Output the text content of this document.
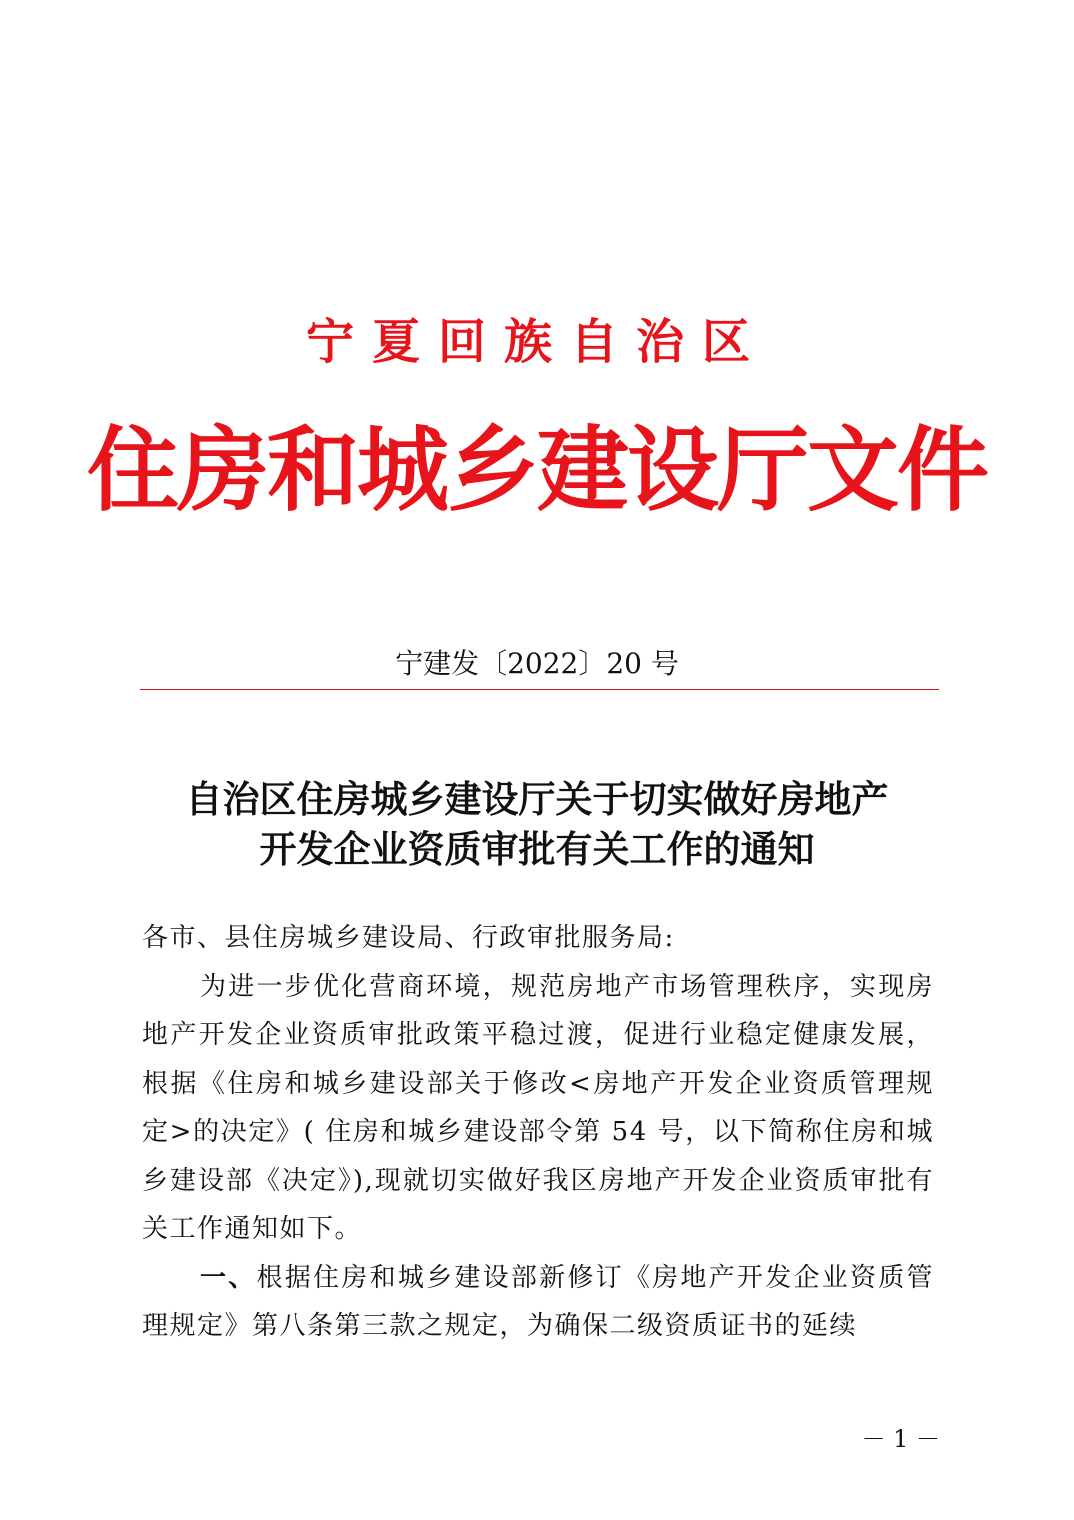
宁夏回族自治区
住房和城乡建设厅文件
宁建发〔2022〕20 号
自治区住房城乡建设厅关于切实做好房地产
开发企业资质审批有关工作的通知

各市、县住房城乡建设局、行政审批服务局:

为进一步优化营商环境，规范房地产市场管理秩序，实现房地产开发企业资质审批政策平稳过渡，促进行业稳定健康发展，根据《住房和城乡建设部关于修改<房地产开发企业资质管理规定>的决定》( 住房和城乡建设部令第 54 号，以下简称住房和城乡建设部《决定》),现就切实做好我区房地产开发企业资质审批有关工作通知如下。

一、根据住房和城乡建设部新修订《房地产开发企业资质管理规定》第八条第三款之规定，为确保二级资质证书的延续

－ 1 －
